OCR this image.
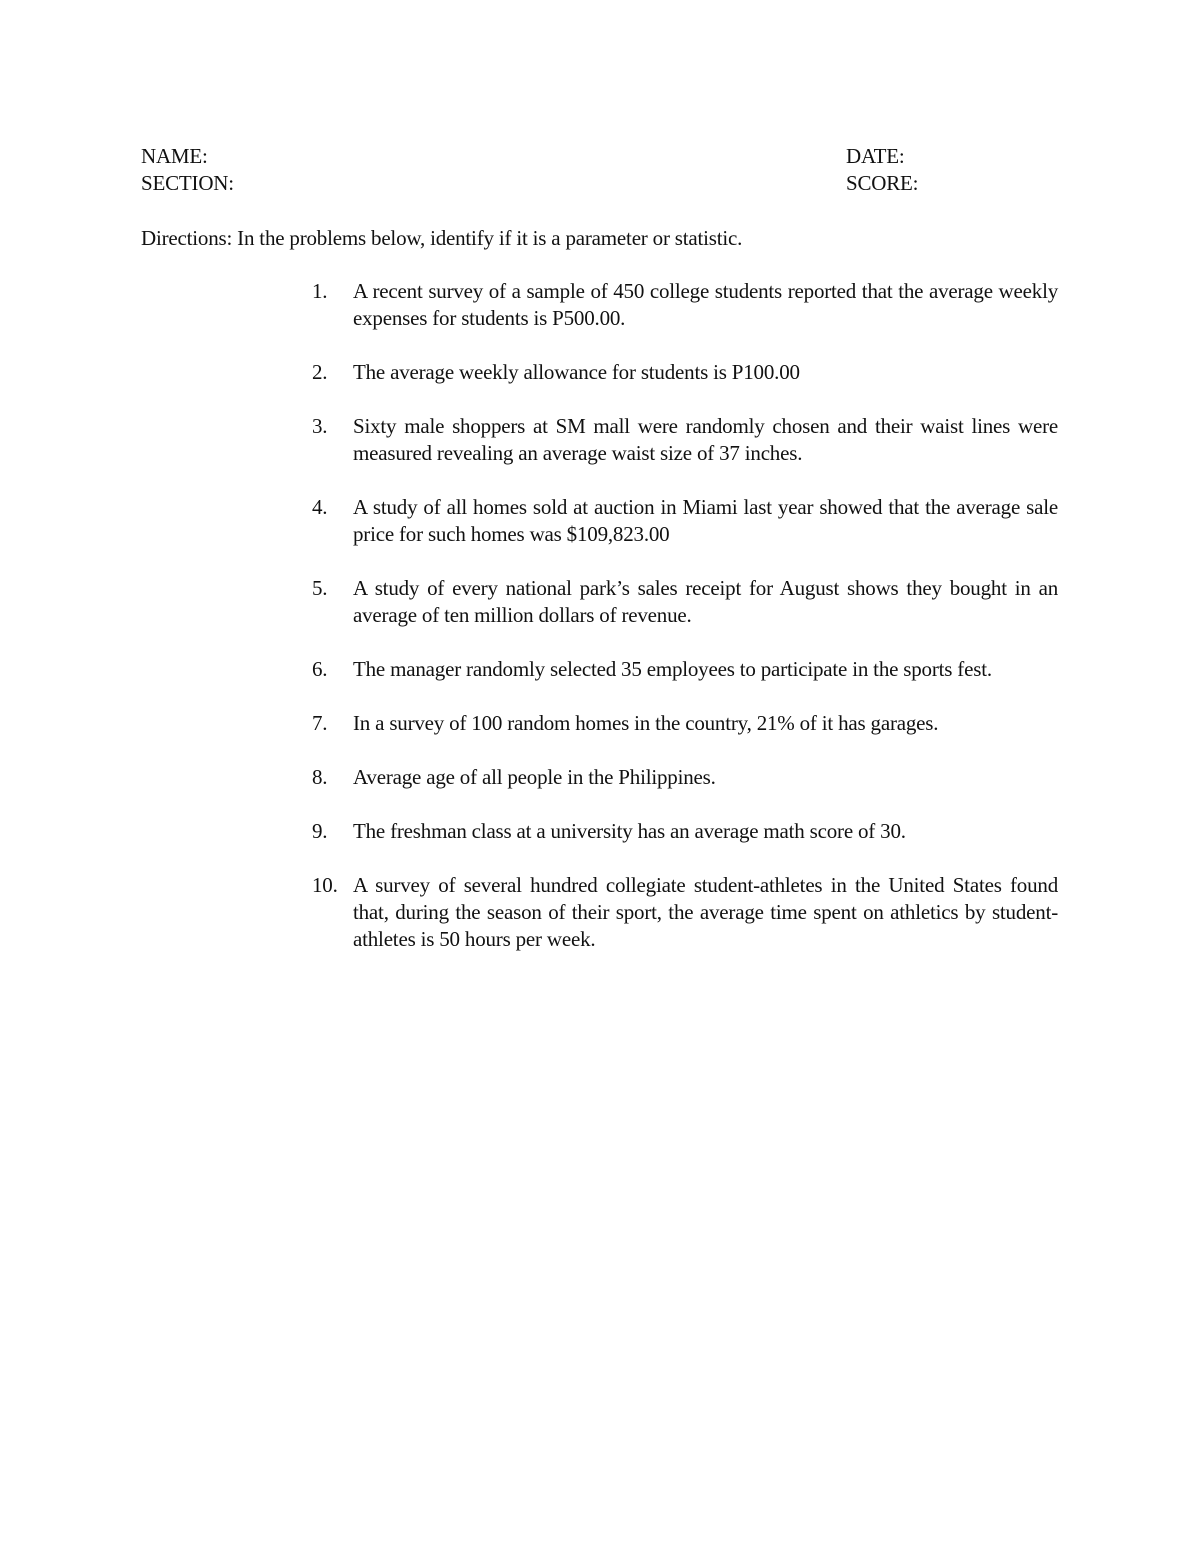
NAME:
SECTION:
DATE:
SCORE:
Directions: In the problems below, identify if it is a parameter or statistic.
1.	A recent survey of a sample of 450 college students reported that the average weekly expenses for students is P500.00.
2.	The average weekly allowance for students is P100.00
3.	Sixty male shoppers at SM mall were randomly chosen and their waist lines were measured revealing an average waist size of 37 inches.
4.	A study of all homes sold at auction in Miami last year showed that the average sale price for such homes was $109,823.00
5.	A study of every national park’s sales receipt for August shows they bought in an average of ten million dollars of revenue.
6.	The manager randomly selected 35 employees to participate in the sports fest.
7.	In a survey of 100 random homes in the country, 21% of it has garages.
8.	Average age of all people in the Philippines.
9.	The freshman class at a university has an average math score of 30.
10. A survey of several hundred collegiate student-athletes in the United States found that, during the season of their sport, the average time spent on athletics by student-athletes is 50 hours per week.
